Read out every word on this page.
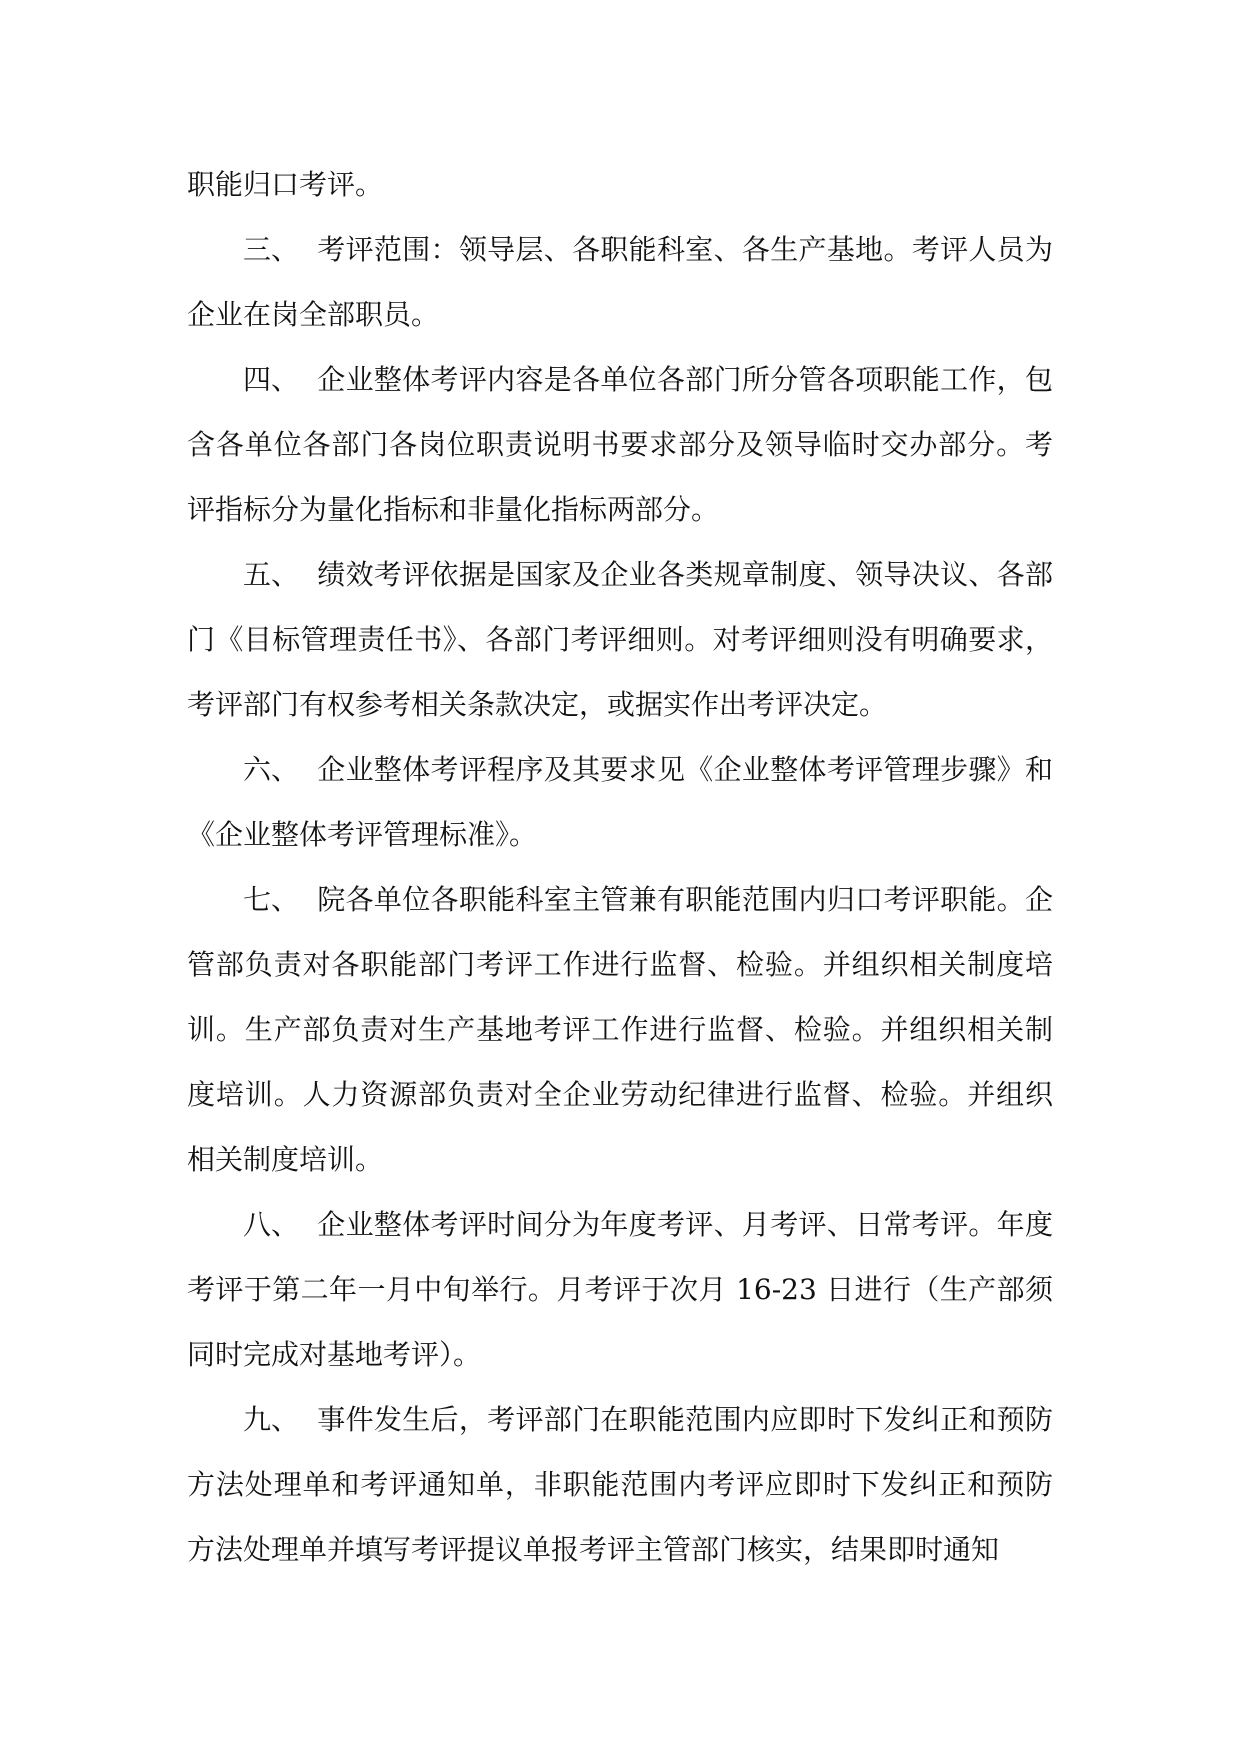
职能归口考评。

三、 考评范围：领导层、各职能科室、各生产基地。考评人员为企业在岗全部职员。

四、 企业整体考评内容是各单位各部门所分管各项职能工作，包含各单位各部门各岗位职责说明书要求部分及领导临时交办部分。考评指标分为量化指标和非量化指标两部分。

五、 绩效考评依据是国家及企业各类规章制度、领导决议、各部门《目标管理责任书》、各部门考评细则。对考评细则没有明确要求，考评部门有权参考相关条款决定，或据实作出考评决定。

六、 企业整体考评程序及其要求见《企业整体考评管理步骤》和《企业整体考评管理标准》。

七、 院各单位各职能科室主管兼有职能范围内归口考评职能。企管部负责对各职能部门考评工作进行监督、检验。并组织相关制度培训。生产部负责对生产基地考评工作进行监督、检验。并组织相关制度培训。人力资源部负责对全企业劳动纪律进行监督、检验。并组织相关制度培训。

八、 企业整体考评时间分为年度考评、月考评、日常考评。年度考评于第二年一月中旬举行。月考评于次月 16-23 日进行（生产部须同时完成对基地考评）。

九、 事件发生后，考评部门在职能范围内应即时下发纠正和预防方法处理单和考评通知单，非职能范围内考评应即时下发纠正和预防方法处理单并填写考评提议单报考评主管部门核实，结果即时通知
